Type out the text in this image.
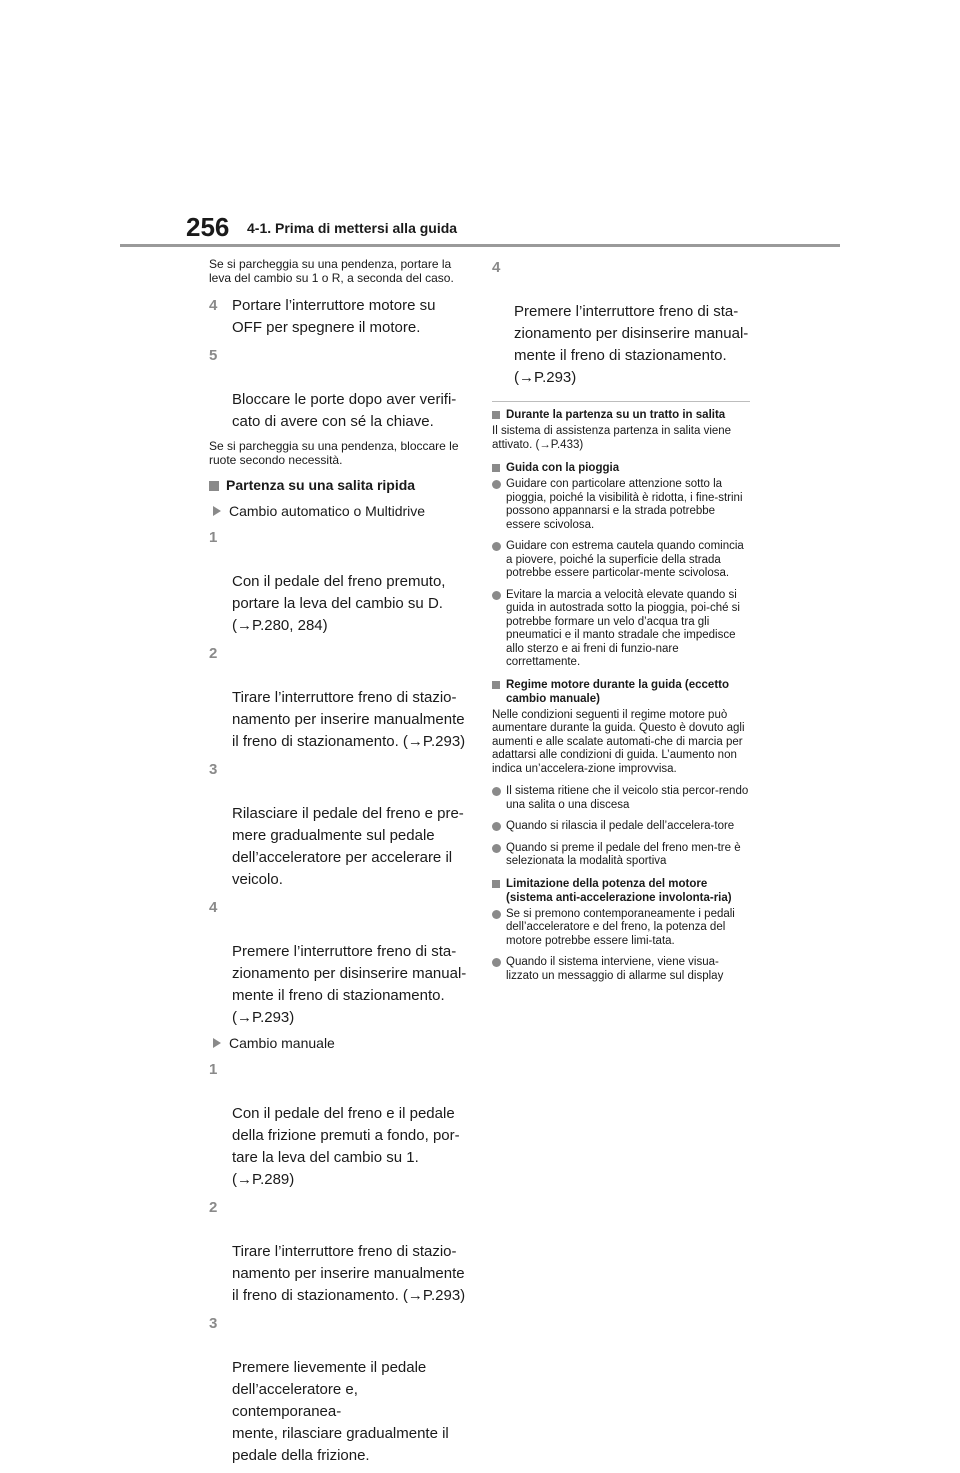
256 4-1. Prima di mettersi alla guida

Se si parcheggia su una pendenza, portare la leva del cambio su 1 o R, a seconda del caso.

4 Portare l’interruttore motore su OFF per spegnere il motore.

5

Bloccare le porte dopo aver verifi-
cato di avere con sé la chiave.

Se si parcheggia su una pendenza, bloccare le ruote secondo necessità.

Partenza su una salita ripida
Cambio automatico o Multidrive

1

Con il pedale del freno premuto,
portare la leva del cambio su D.
(→P.280, 284)

2

Tirare l’interruttore freno di stazio-
namento per inserire manualmente
il freno di stazionamento. (→P.293)

3

Rilasciare il pedale del freno e pre-
mere gradualmente sul pedale
dell’acceleratore per accelerare il
veicolo.

4

Premere l’interruttore freno di sta-
zionamento per disinserire manual-
mente il freno di stazionamento.
(→P.293)

Cambio manuale

1

Con il pedale del freno e il pedale
della frizione premuti a fondo, por-
tare la leva del cambio su 1.
(→P.289)

2

Tirare l’interruttore freno di stazio-
namento per inserire manualmente
il freno di stazionamento. (→P.293)

3

Premere lievemente il pedale
dell’acceleratore e, contemporanea-
mente, rilasciare gradualmente il
pedale della frizione.

4

Premere l’interruttore freno di sta-
zionamento per disinserire manual-
mente il freno di stazionamento.
(→P.293)

Durante la partenza su un tratto in salita

Il sistema di assistenza partenza in salita viene attivato. (→P.433)

Guida con la pioggia
Guidare con particolare attenzione sotto la pioggia, poiché la visibilità è ridotta, i fine-strini possono appannarsi e la strada potrebbe essere scivolosa.
Guidare con estrema cautela quando comincia a piovere, poiché la superficie della strada potrebbe essere particolar-mente scivolosa.
Evitare la marcia a velocità elevate quando si guida in autostrada sotto la pioggia, poi-ché si potrebbe formare un velo d’acqua tra gli pneumatici e il manto stradale che impedisce allo sterzo e ai freni di funzio-nare correttamente.
Regime motore durante la guida (eccetto cambio manuale)

Nelle condizioni seguenti il regime motore può aumentare durante la guida. Questo è dovuto agli aumenti e alle scalate automati-che di marcia per adattarsi alle condizioni di guida. L’aumento non indica un’accelera-zione improvvisa.

Il sistema ritiene che il veicolo stia percor-rendo una salita o una discesa
Quando si rilascia il pedale dell’accelera-tore
Quando si preme il pedale del freno men-tre è selezionata la modalità sportiva
Limitazione della potenza del motore (sistema anti-accelerazione involonta-ria)
Se si premono contemporaneamente i pedali dell’acceleratore e del freno, la potenza del motore potrebbe essere limi-tata.
Quando il sistema interviene, viene visua-lizzato un messaggio di allarme sul display
